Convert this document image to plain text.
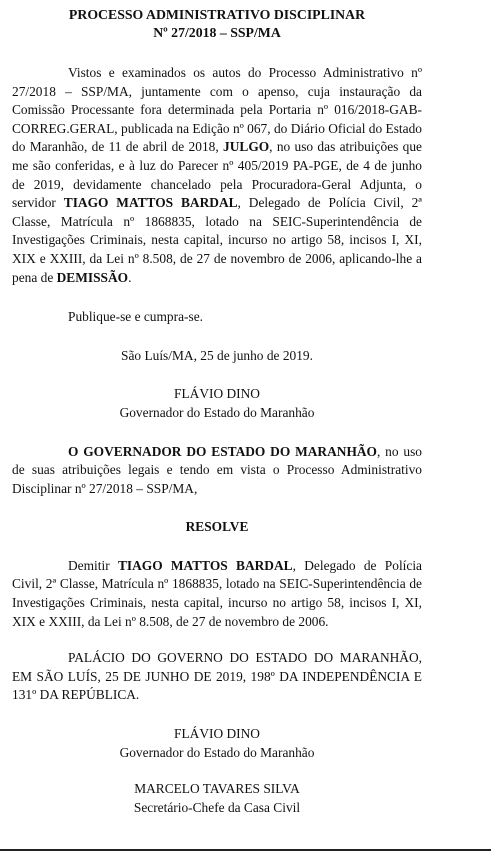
PROCESSO ADMINISTRATIVO DISCIPLINAR
Nº 27/2018 – SSP/MA

Vistos e examinados os autos do Processo Administrativo nº 27/2018 – SSP/MA, juntamente com o apenso, cuja instauração da Comissão Processante fora determinada pela Portaria nº 016/2018-GAB-CORREG.GERAL, publicada na Edição nº 067, do Diário Oficial do Estado do Maranhão, de 11 de abril de 2018, JULGO, no uso das atribuições que me são conferidas, e à luz do Parecer nº 405/2019 PA-PGE, de 4 de junho de 2019, devidamente chancelado pela Procuradora-Geral Adjunta, o servidor TIAGO MATTOS BARDAL, Delegado de Polícia Civil, 2ª Classe, Matrícula nº 1868835, lotado na SEIC-Superintendência de Investigações Criminais, nesta capital, incurso no artigo 58, incisos I, XI, XIX e XXIII, da Lei nº 8.508, de 27 de novembro de 2006, aplicando-lhe a pena de DEMISSÃO.

Publique-se e cumpra-se.

São Luís/MA, 25 de junho de 2019.

FLÁVIO DINO
Governador do Estado do Maranhão

O GOVERNADOR DO ESTADO DO MARANHÃO, no uso de suas atribuições legais e tendo em vista o Processo Administrativo Disciplinar nº 27/2018 – SSP/MA,

RESOLVE

Demitir TIAGO MATTOS BARDAL, Delegado de Polícia Civil, 2ª Classe, Matrícula nº 1868835, lotado na SEIC-Superintendência de Investigações Criminais, nesta capital, incurso no artigo 58, incisos I, XI, XIX e XXIII, da Lei nº 8.508, de 27 de novembro de 2006.

PALÁCIO DO GOVERNO DO ESTADO DO MARANHÃO, EM SÃO LUÍS, 25 DE JUNHO DE 2019, 198º DA INDEPENDÊNCIA E 131º DA REPÚBLICA.

FLÁVIO DINO
Governador do Estado do Maranhão
MARCELO TAVARES SILVA
Secretário-Chefe da Casa Civil
